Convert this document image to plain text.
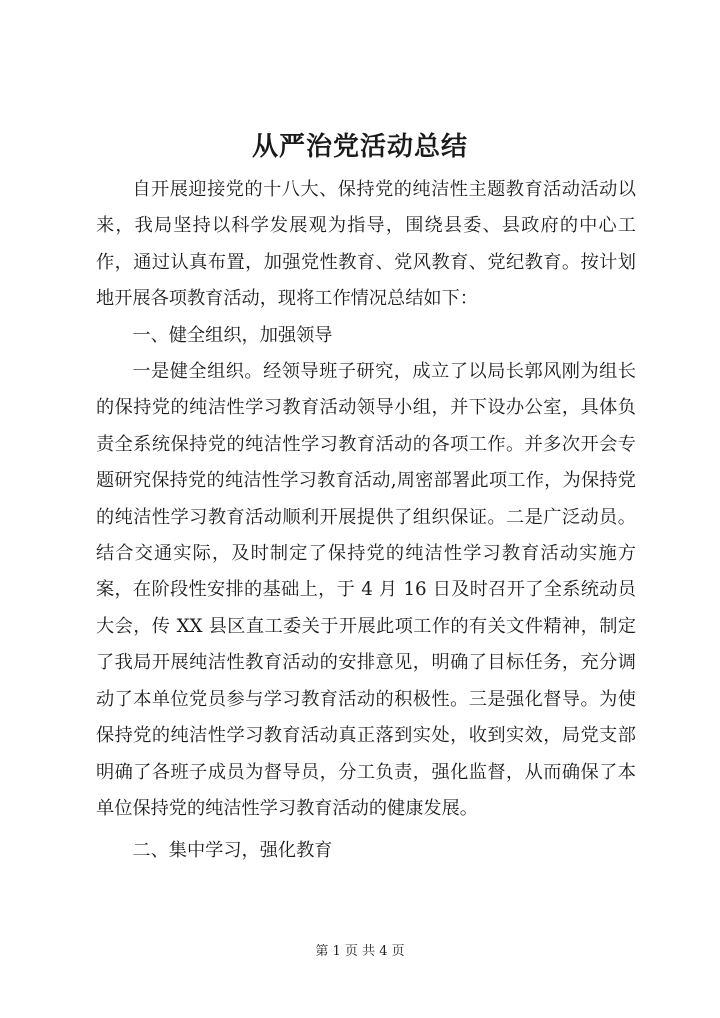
从严治党活动总结

自开展迎接党的十八大、保持党的纯洁性主题教育活动活动以来，我局坚持以科学发展观为指导，围绕县委、县政府的中心工作，通过认真布置，加强党性教育、党风教育、党纪教育。按计划地开展各项教育活动，现将工作情况总结如下：

一、健全组织，加强领导

一是健全组织。经领导班子研究，成立了以局长郭风刚为组长的保持党的纯洁性学习教育活动领导小组，并下设办公室，具体负责全系统保持党的纯洁性学习教育活动的各项工作。并多次开会专题研究保持党的纯洁性学习教育活动,周密部署此项工作，为保持党的纯洁性学习教育活动顺利开展提供了组织保证。二是广泛动员。结合交通实际，及时制定了保持党的纯洁性学习教育活动实施方案，在阶段性安排的基础上，于 4 月 16 日及时召开了全系统动员大会，传 XX 县区直工委关于开展此项工作的有关文件精神，制定了我局开展纯洁性教育活动的安排意见，明确了目标任务，充分调动了本单位党员参与学习教育活动的积极性。三是强化督导。为使保持党的纯洁性学习教育活动真正落到实处，收到实效，局党支部明确了各班子成员为督导员，分工负责，强化监督，从而确保了本单位保持党的纯洁性学习教育活动的健康发展。

二、集中学习，强化教育

第 1 页 共 4 页
